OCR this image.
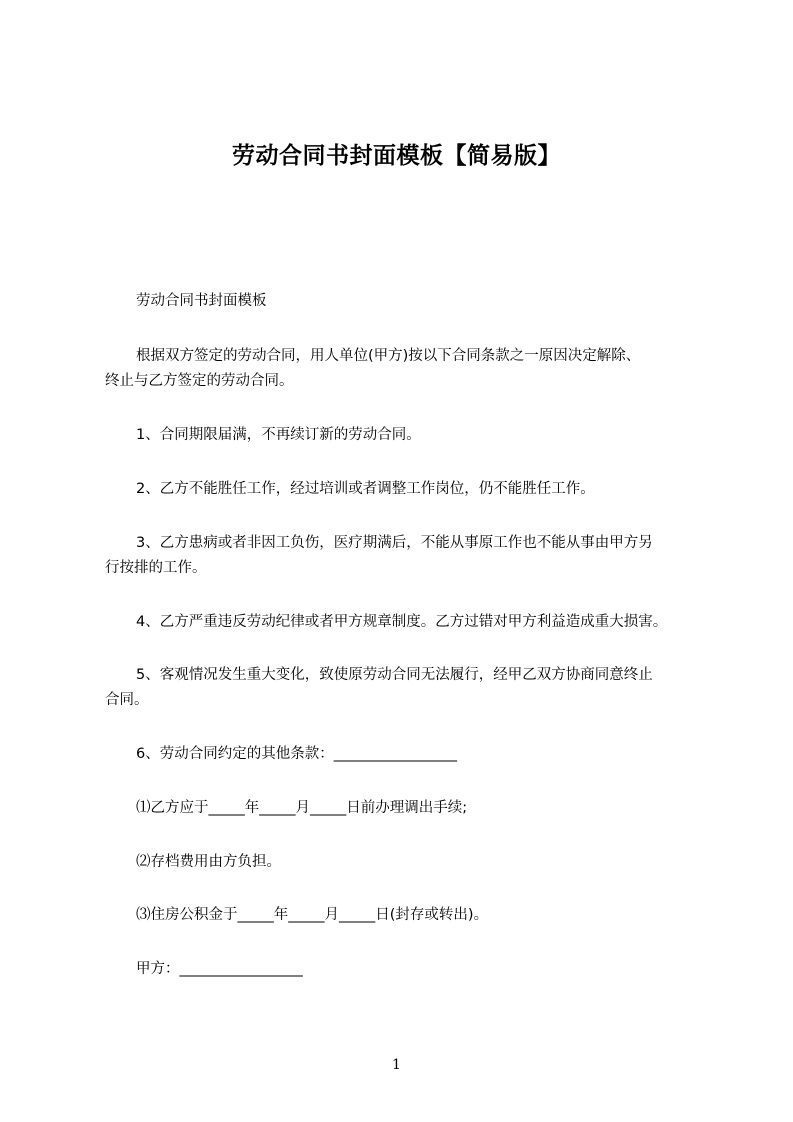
劳动合同书封面模板【简易版】
劳动合同书封面模板
根据双方签定的劳动合同，用人单位(甲方)按以下合同条款之一原因决定解除、
终止与乙方签定的劳动合同。
1、合同期限届满，不再续订新的劳动合同。
2、乙方不能胜任工作，经过培训或者调整工作岗位，仍不能胜任工作。
3、乙方患病或者非因工负伤，医疗期满后，不能从事原工作也不能从事由甲方另
行按排的工作。
4、乙方严重违反劳动纪律或者甲方规章制度。乙方过错对甲方利益造成重大损害。
5、客观情况发生重大变化，致使原劳动合同无法履行，经甲乙双方协商同意终止
合同。
6、劳动合同约定的其他条款：_________________
⑴乙方应于_____年_____月_____日前办理调出手续;
⑵存档费用由方负担。
⑶住房公积金于_____年_____月_____日(封存或转出)。
甲方：_________________
1
